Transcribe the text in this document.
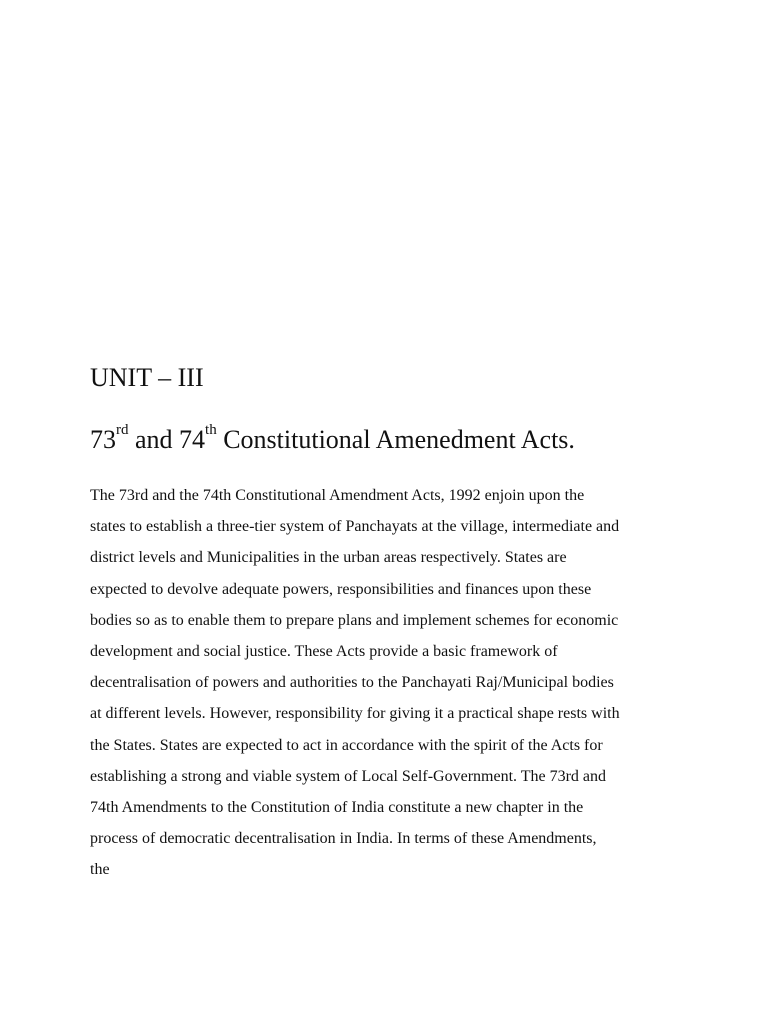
UNIT – III
73rd and 74th Constitutional Amenedment Acts.
The 73rd and the 74th Constitutional Amendment Acts, 1992 enjoin upon the
states to establish a three-tier system of Panchayats at the village, intermediate and
district levels and Municipalities in the urban areas respectively. States are
expected to devolve adequate powers, responsibilities and finances upon these
bodies so as to enable them to prepare plans and implement schemes for economic
development and social justice. These Acts provide a basic framework of
decentralisation of powers and authorities to the Panchayati Raj/Municipal bodies
at different levels. However, responsibility for giving it a practical shape rests with
the States. States are expected to act in accordance with the spirit of the Acts for
establishing a strong and viable system of Local Self-Government. The 73rd and
74th Amendments to the Constitution of India constitute a new chapter in the
process of democratic decentralisation in India. In terms of these Amendments,
the
